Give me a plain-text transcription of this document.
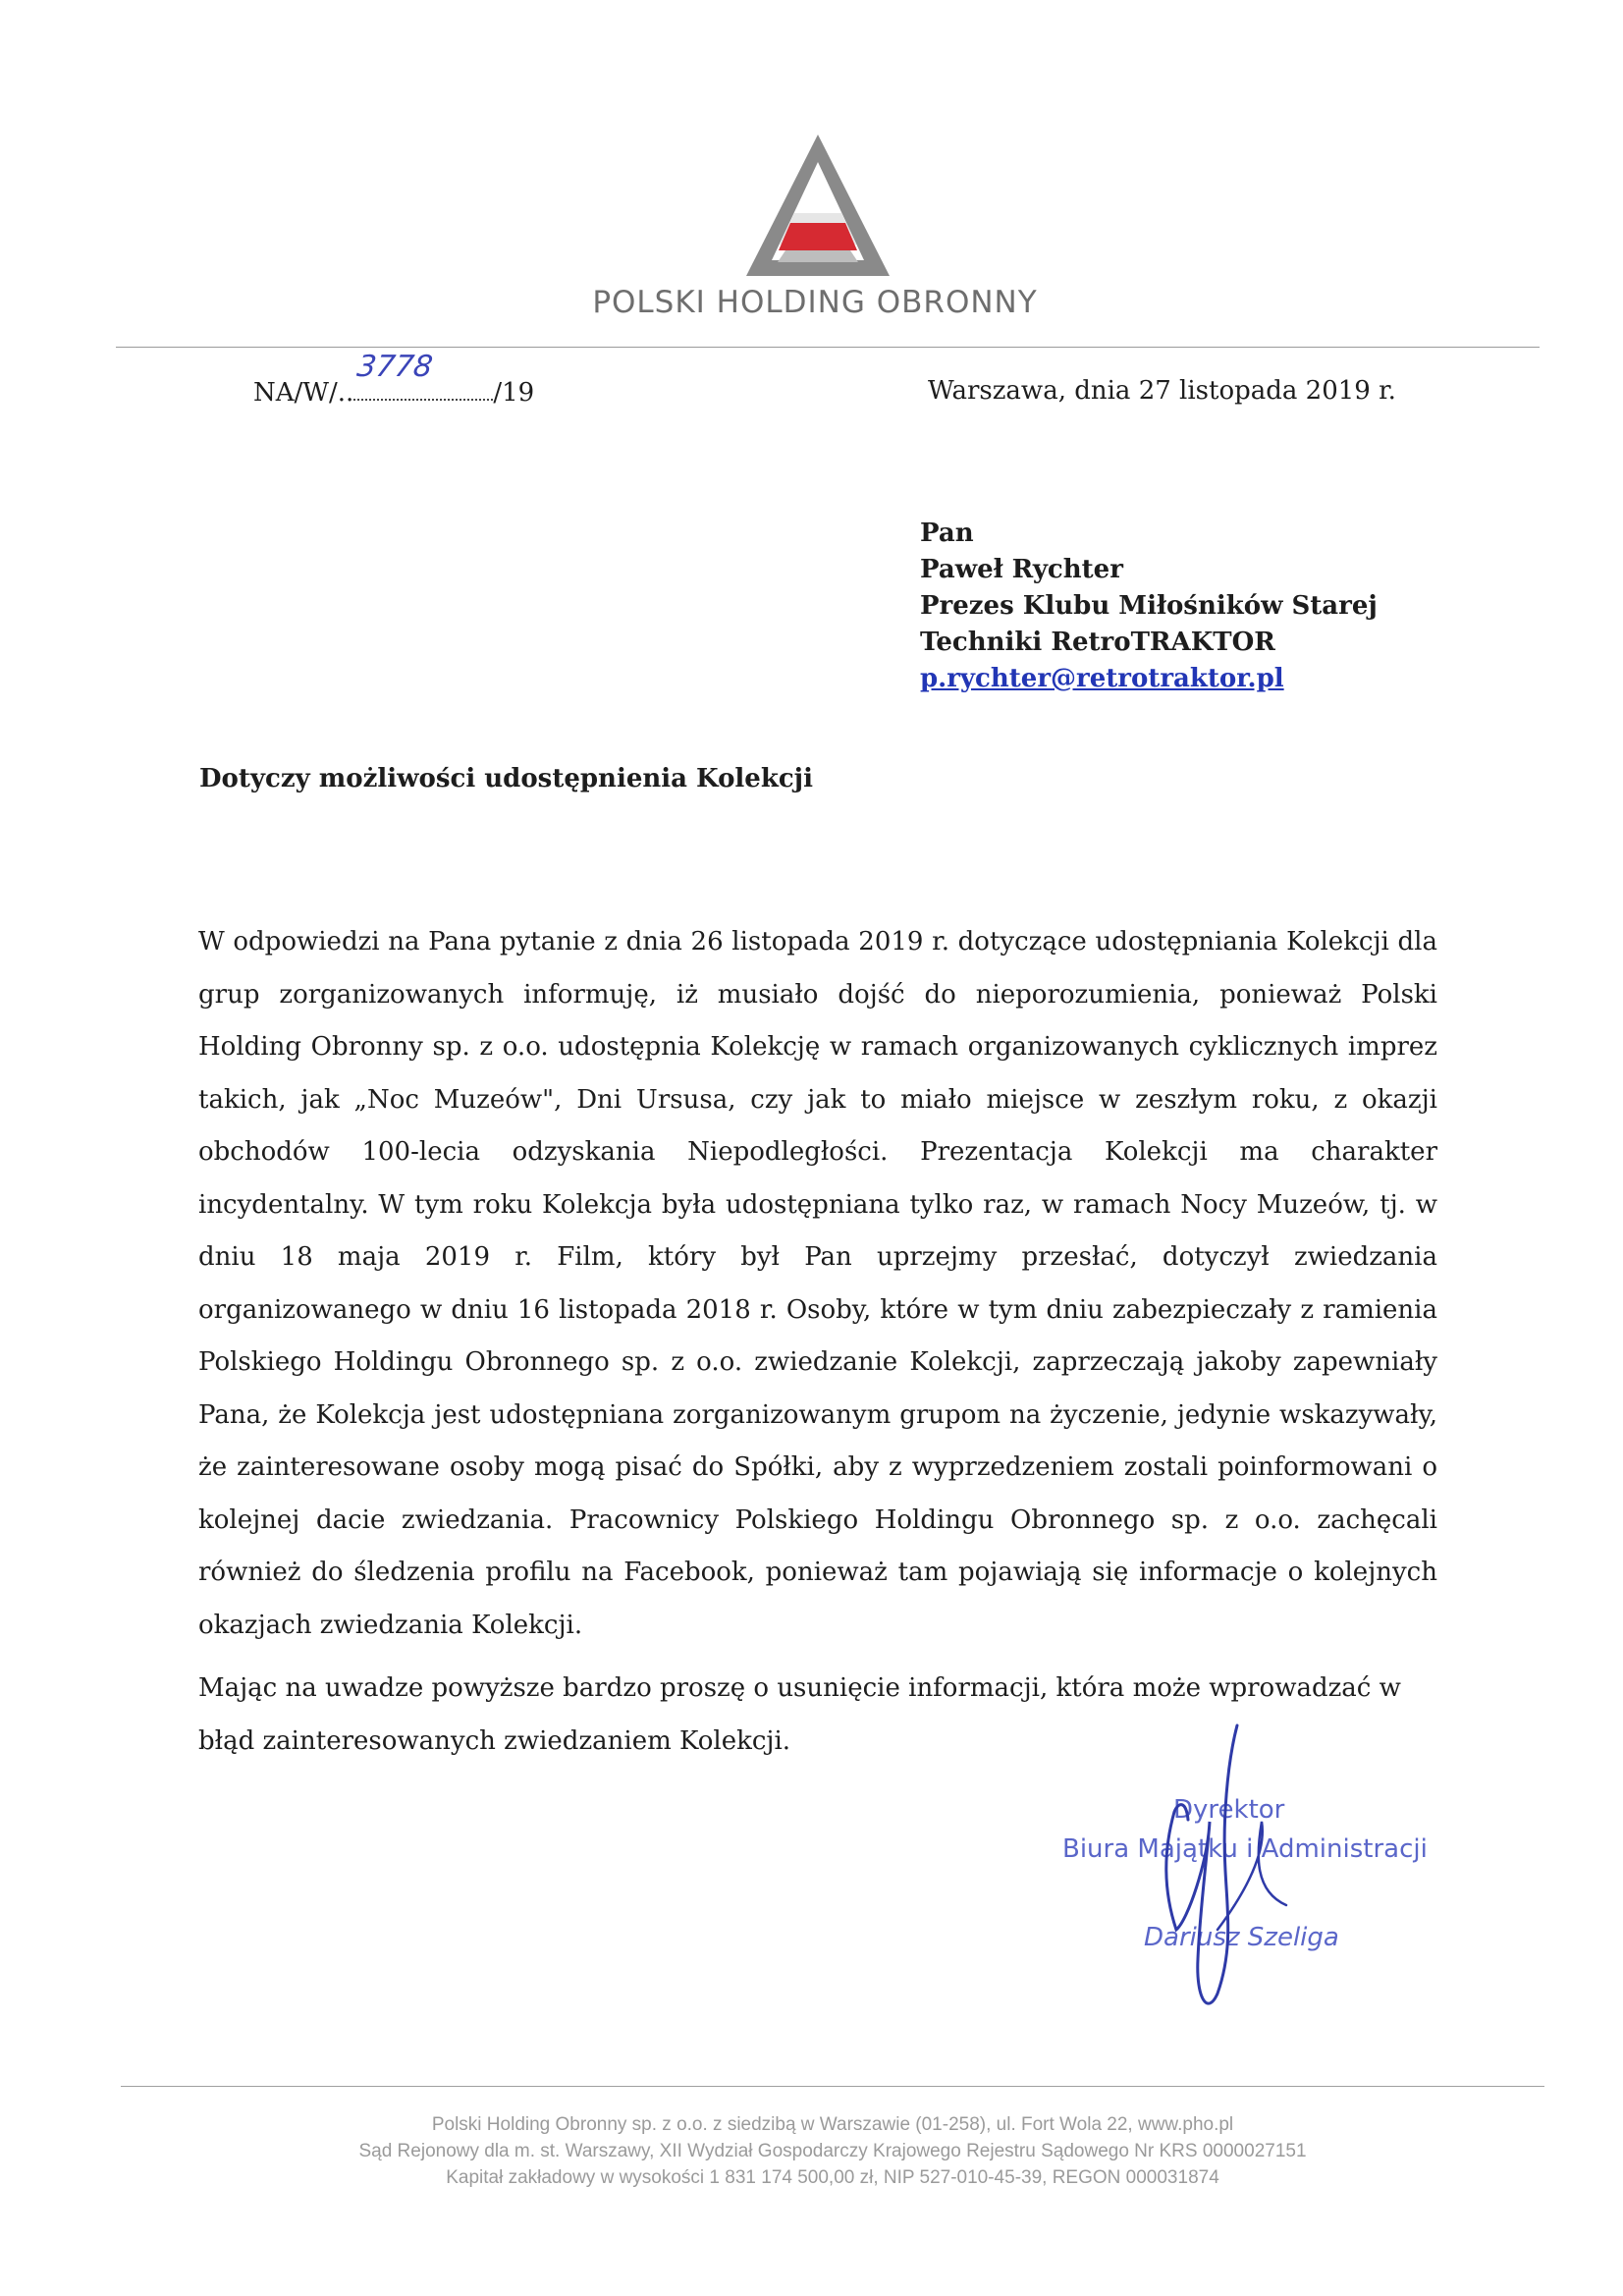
POLSKI HOLDING OBRONNY
NA/W/..
3778
/19	Warszawa, dnia 27 listopada 2019 r.
Pan
Paweł Rychter
Prezes Klubu Miłośników Starej
Techniki RetroTRAKTOR
p.rychter@retrotraktor.pl
Dotyczy możliwości udostępnienia Kolekcji
W odpowiedzi na Pana pytanie z dnia 26 listopada 2019 r. dotyczące udostępniania Kolekcji dla grup zorganizowanych informuję, iż musiało dojść do nieporozumienia, ponieważ Polski Holding Obronny sp. z o.o. udostępnia Kolekcję w ramach organizowanych cyklicznych imprez takich, jak „Noc Muzeów", Dni Ursusa, czy jak to miało miejsce w zeszłym roku, z okazji obchodów 100-lecia odzyskania Niepodległości. Prezentacja Kolekcji ma charakter incydentalny. W tym roku Kolekcja była udostępniana tylko raz, w ramach Nocy Muzeów, tj. w dniu 18 maja 2019 r. Film, który był Pan uprzejmy przesłać, dotyczył zwiedzania organizowanego w dniu 16 listopada 2018 r. Osoby, które w tym dniu zabezpieczały z ramienia Polskiego Holdingu Obronnego sp. z o.o. zwiedzanie Kolekcji, zaprzeczają jakoby zapewniały Pana, że Kolekcja jest udostępniana zorganizowanym grupom na życzenie, jedynie wskazywały, że zainteresowane osoby mogą pisać do Spółki, aby z wyprzedzeniem zostali poinformowani o kolejnej dacie zwiedzania. Pracownicy Polskiego Holdingu Obronnego sp. z o.o. zachęcali również do śledzenia profilu na Facebook, ponieważ tam pojawiają się informacje o kolejnych okazjach zwiedzania Kolekcji.
Mając na uwadze powyższe bardzo proszę o usunięcie informacji, która może wprowadzać w błąd zainteresowanych zwiedzaniem Kolekcji.
Dyrektor
Biura Majątku i Administracji
Dariusz Szeliga
Polski Holding Obronny sp. z o.o. z siedzibą w Warszawie (01-258), ul. Fort Wola 22, www.pho.pl
Sąd Rejonowy dla m. st. Warszawy, XII Wydział Gospodarczy Krajowego Rejestru Sądowego Nr KRS 0000027151
Kapitał zakładowy w wysokości 1 831 174 500,00 zł, NIP 527-010-45-39, REGON 000031874
